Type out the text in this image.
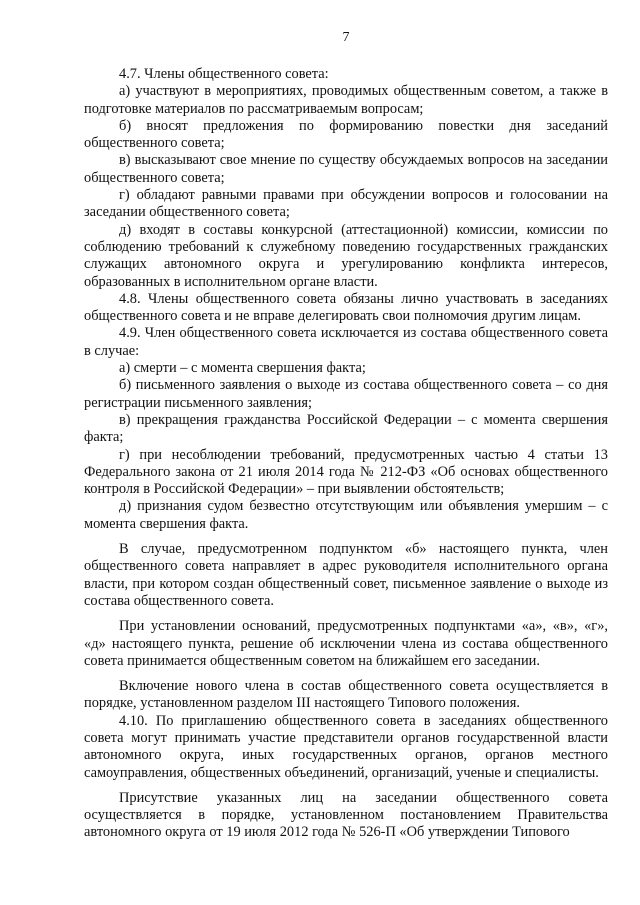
7

4.7. Члены общественного совета:

а) участвуют в мероприятиях, проводимых общественным советом, а также в подготовке материалов по рассматриваемым вопросам;

б) вносят предложения по формированию повестки дня заседаний общественного совета;

в) высказывают свое мнение по существу обсуждаемых вопросов на заседании общественного совета;

г) обладают равными правами при обсуждении вопросов и голосовании на заседании общественного совета;

д) входят в составы конкурсной (аттестационной) комиссии, комиссии по соблюдению требований к служебному поведению государственных гражданских служащих автономного округа и урегулированию конфликта интересов, образованных в исполнительном органе власти.

4.8. Члены общественного совета обязаны лично участвовать в заседаниях общественного совета и не вправе делегировать свои полномочия другим лицам.

4.9. Член общественного совета исключается из состава общественного совета в случае:

а) смерти – с момента свершения факта;

б) письменного заявления о выходе из состава общественного совета – со дня регистрации письменного заявления;

в) прекращения гражданства Российской Федерации – с момента свершения факта;

г) при несоблюдении требований, предусмотренных частью 4 статьи 13 Федерального закона от 21 июля 2014 года № 212-ФЗ «Об основах общественного контроля в Российской Федерации» – при выявлении обстоятельств;

д) признания судом безвестно отсутствующим или объявления умершим – с момента свершения факта.

В случае, предусмотренном подпунктом «б» настоящего пункта, член общественного совета направляет в адрес руководителя исполнительного органа власти, при котором создан общественный совет, письменное заявление о выходе из состава общественного совета.

При установлении оснований, предусмотренных подпунктами «а», «в», «г», «д» настоящего пункта, решение об исключении члена из состава общественного совета принимается общественным советом на ближайшем его заседании.

Включение нового члена в состав общественного совета осуществляется в порядке, установленном разделом III настоящего Типового положения.

4.10. По приглашению общественного совета в заседаниях общественного совета могут принимать участие представители органов государственной власти автономного округа, иных государственных органов, органов местного самоуправления, общественных объединений, организаций, ученые и специалисты.

Присутствие указанных лиц на заседании общественного совета осуществляется в порядке, установленном постановлением Правительства автономного округа от 19 июля 2012 года № 526-П «Об утверждении Типового
